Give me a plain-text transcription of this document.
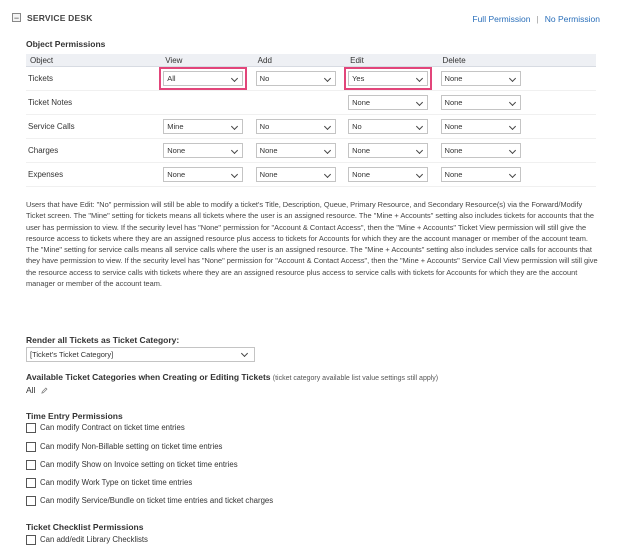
− SERVICE DESK	Full Permission | No Permission
Object Permissions
Object	View	Add	Edit	Delete
Tickets	All	No	Yes	None

Ticket Notes			None	None

Service Calls	Mine	No	No	None

Charges	None	None	None	None

Expenses	None	None	None	None
Users that have Edit: "No" permission will still be able to modify a ticket's Title, Description, Queue, Primary Resource, and Secondary Resource(s) via the Forward/Modify Ticket screen. The "Mine" setting for tickets means all tickets where the user is an assigned resource. The "Mine + Accounts" setting also includes tickets for accounts that the user has permission to view. If the security level has "None" permission for "Account & Contact Access", then the "Mine + Accounts" Ticket View permission will still give the resource access to tickets where they are an assigned resource plus access to tickets for Accounts for which they are the account manager or member of the account team. The "Mine" setting for service calls means all service calls where the user is an assigned resource. The "Mine + Accounts" setting also includes service calls for accounts that they have permission to view. If the security level has "None" permission for "Account & Contact Access", then the "Mine + Accounts" Service Call View permission will still give the resource access to service calls with tickets where they are an assigned resource plus access to service calls with tickets for Accounts for which they are the account manager or member of the account team.
Render all Tickets as Ticket Category:
[Ticket's Ticket Category]
Available Ticket Categories when Creating or Editing Tickets (ticket category available list value settings still apply)
All
Time Entry Permissions
Can modify Contract on ticket time entries
Can modify Non-Billable setting on ticket time entries
Can modify Show on Invoice setting on ticket time entries
Can modify Work Type on ticket time entries
Can modify Service/Bundle on ticket time entries and ticket charges
Ticket Checklist Permissions
Can add/edit Library Checklists
